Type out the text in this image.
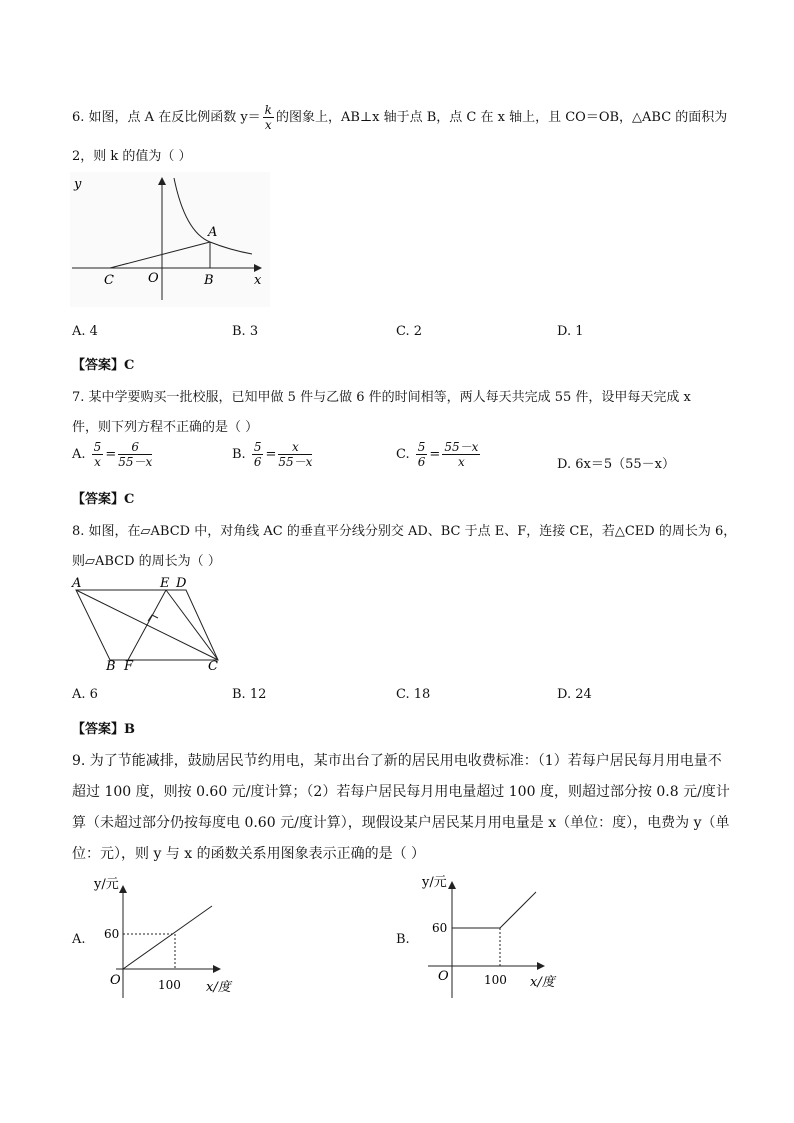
6. 如图，点 A 在反比例函数 $y= \frac{k}{x}$ 的图象上，AB⊥x 轴于点 B，点 C 在 x 轴上，且 CO＝OB，△ABC 的面积为
2，则 k 的值为（ ）
y
x
A
B
C	O
A. 4	B. 3	C. 2	D. 1
【答案】C
7. 某中学要购买一批校服，已知甲做 5 件与乙做 6 件的时间相等，两人每天共完成 55 件，设甲每天完成 x
件，则下列方程不正确的是（ ）
A. $\frac{5}{x} = \frac{6}{55-x}$	B. $\frac{5}{6} = \frac{x}{55-x}$	C. $\frac{5}{6} = \frac{55-x}{x}$	D. 6x＝5（55－x）
【答案】C
8. 如图，在▱ABCD 中，对角线 AC 的垂直平分线分别交 AD、BC 于点 E、F，连接 CE，若△CED 的周长为 6，
则▱ABCD 的周长为（ ）
A	E D
B F	C
A. 6	B. 12	C. 18	D. 24
【答案】B
9. 为了节能减排，鼓励居民节约用电，某市出台了新的居民用电收费标准：（1）若每户居民每月用电量不
超过 100 度，则按 0.60 元/度计算；（2）若每户居民每月用电量超过 100 度，则超过部分按 0.8 元/度计
算（未超过部分仍按每度电 0.60 元/度计算），现假设某户居民某月用电量是 x（单位：度），电费为 y（单
位：元），则 y 与 x 的函数关系用图象表示正确的是（ ）
A.
y/元
60
100 x/度
O
B.
y/元
60
100 x/度
O
